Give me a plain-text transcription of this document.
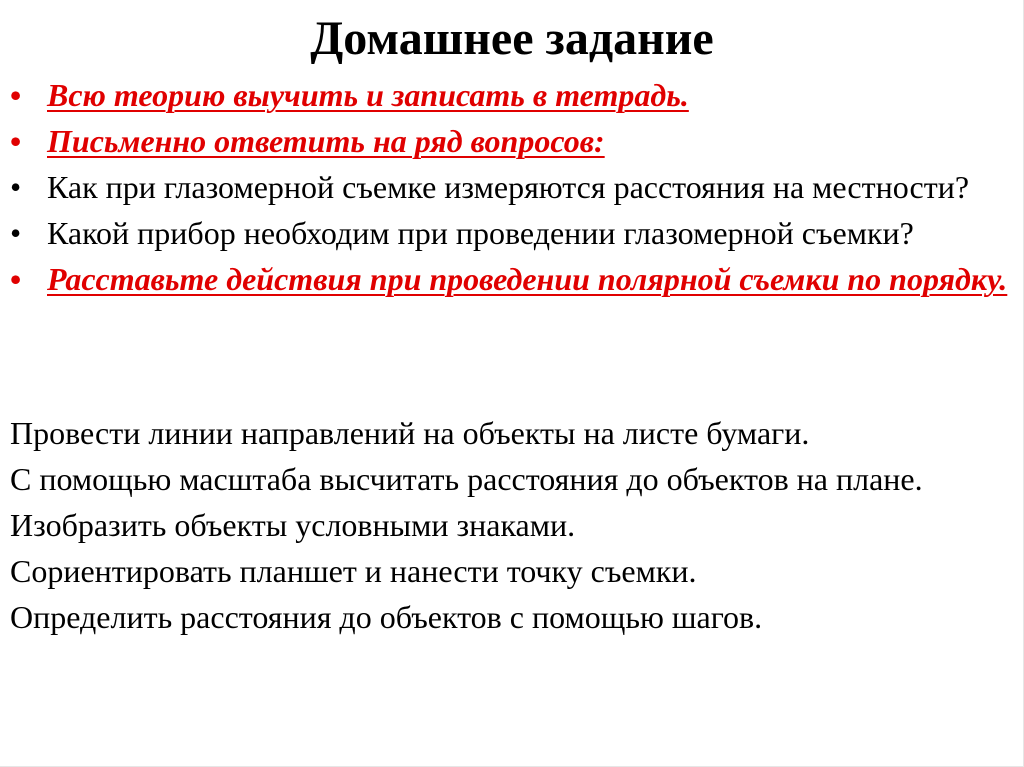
Домашнее задание
• Всю теорию выучить и записать в тетрадь.
• Письменно ответить на ряд вопросов:
• Как при глазомерной съемке измеряются расстояния на местности?
• Какой прибор необходим при проведении глазомерной съемки?
• Расставьте действия при проведении полярной съемки по порядку.
Провести линии направлений на объекты на листе бумаги.
С помощью масштаба высчитать расстояния до объектов на плане.
Изобразить объекты условными знаками.
Сориентировать планшет и нанести точку съемки.
Определить расстояния до объектов с помощью шагов.
